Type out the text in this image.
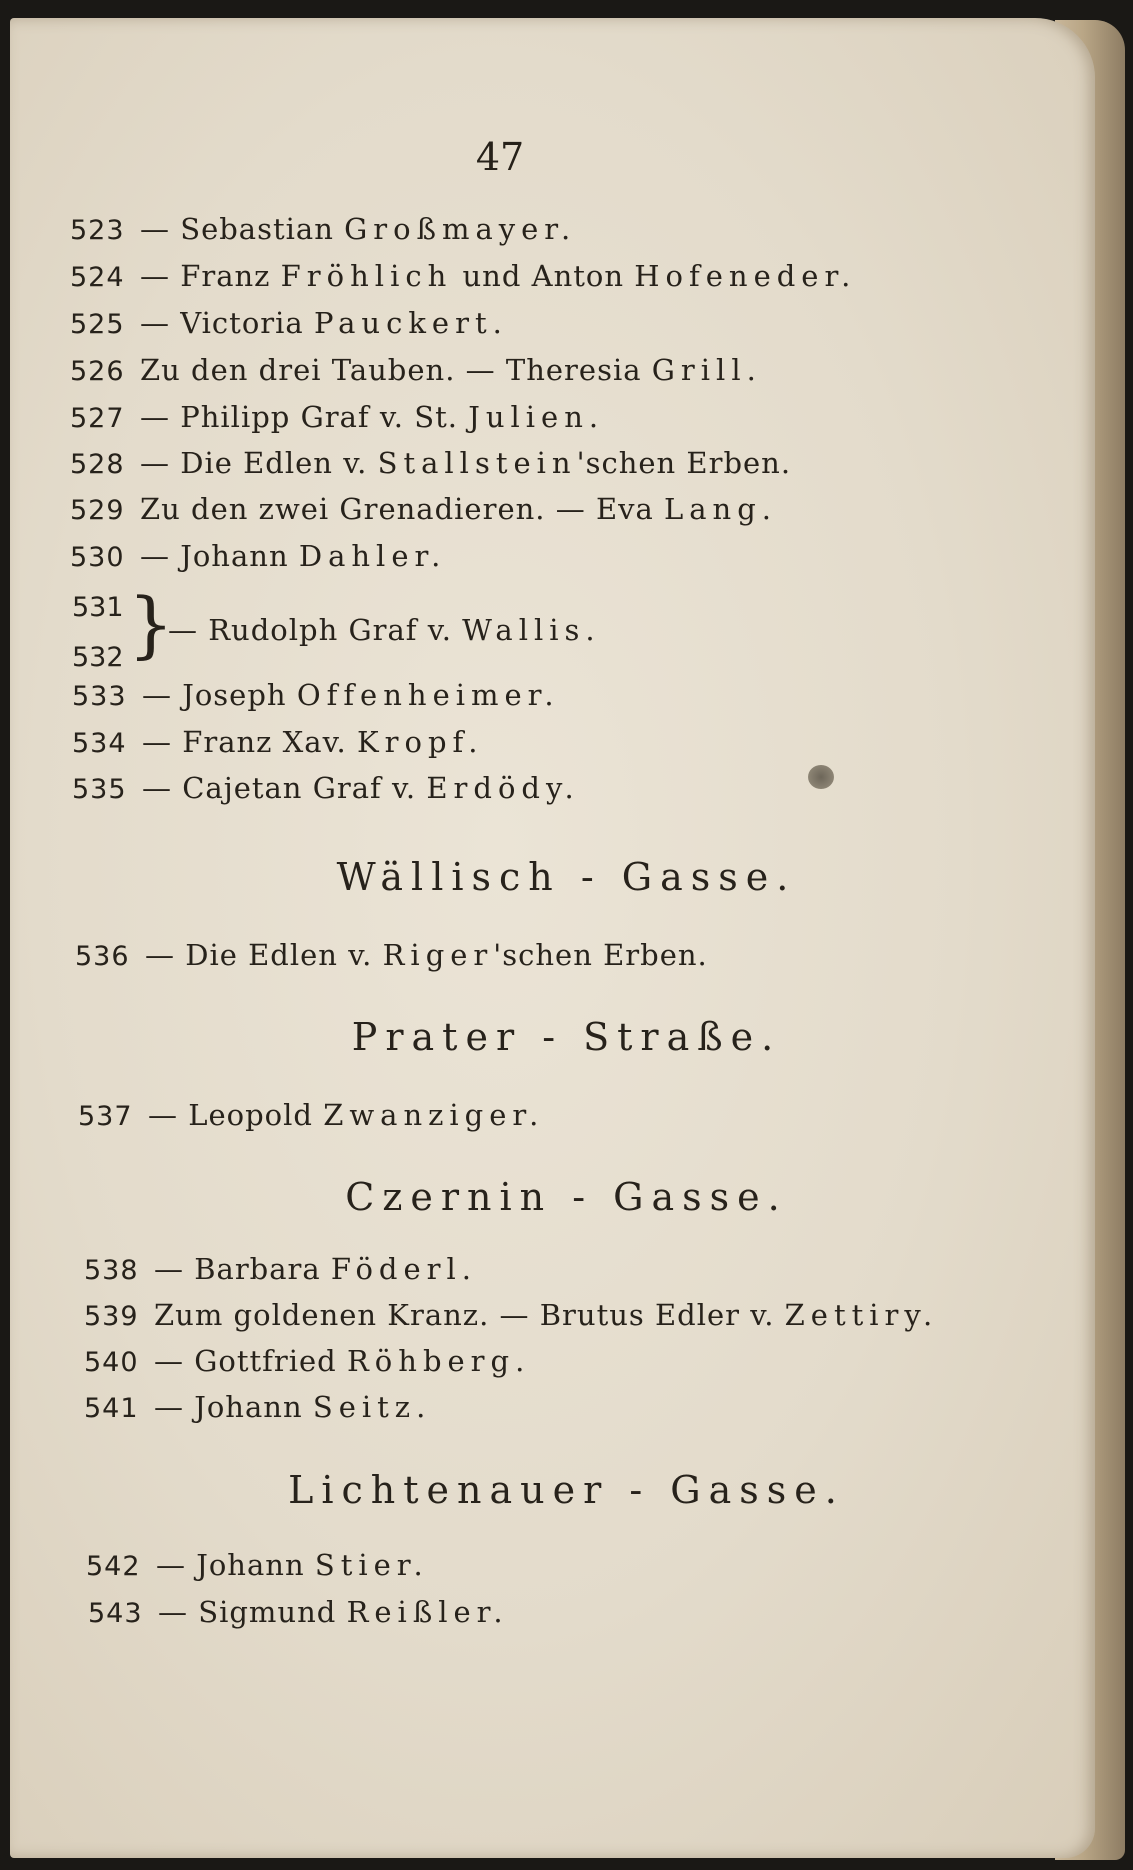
47
523 — Sebastian Großmayer.
524 — Franz Fröhlich und Anton Hofeneder.
525 — Victoria Pauckert.
526 Zu den drei Tauben. — Theresia Grill.
527 — Philipp Graf v. St. Julien.
528 — Die Edlen v. Stallstein'schen Erben.
529 Zu den zwei Grenadieren. — Eva Lang.
530 — Johann Dahler.
531
532 }
— Rudolph Graf v. Wallis.
533 — Joseph Offenheimer.
534 — Franz Xav. Kropf.
535 — Cajetan Graf v. Erdödy.
Wällisch - Gasse.
536 — Die Edlen v. Riger'schen Erben.
Prater - Straße.
537 — Leopold Zwanziger.
Czernin - Gasse.
538 — Barbara Föderl.
539 Zum goldenen Kranz. — Brutus Edler v. Zettiry.
540 — Gottfried Röhberg.
541 — Johann Seitz.
Lichtenauer - Gasse.
542 — Johann Stier.
543 — Sigmund Reißler.
